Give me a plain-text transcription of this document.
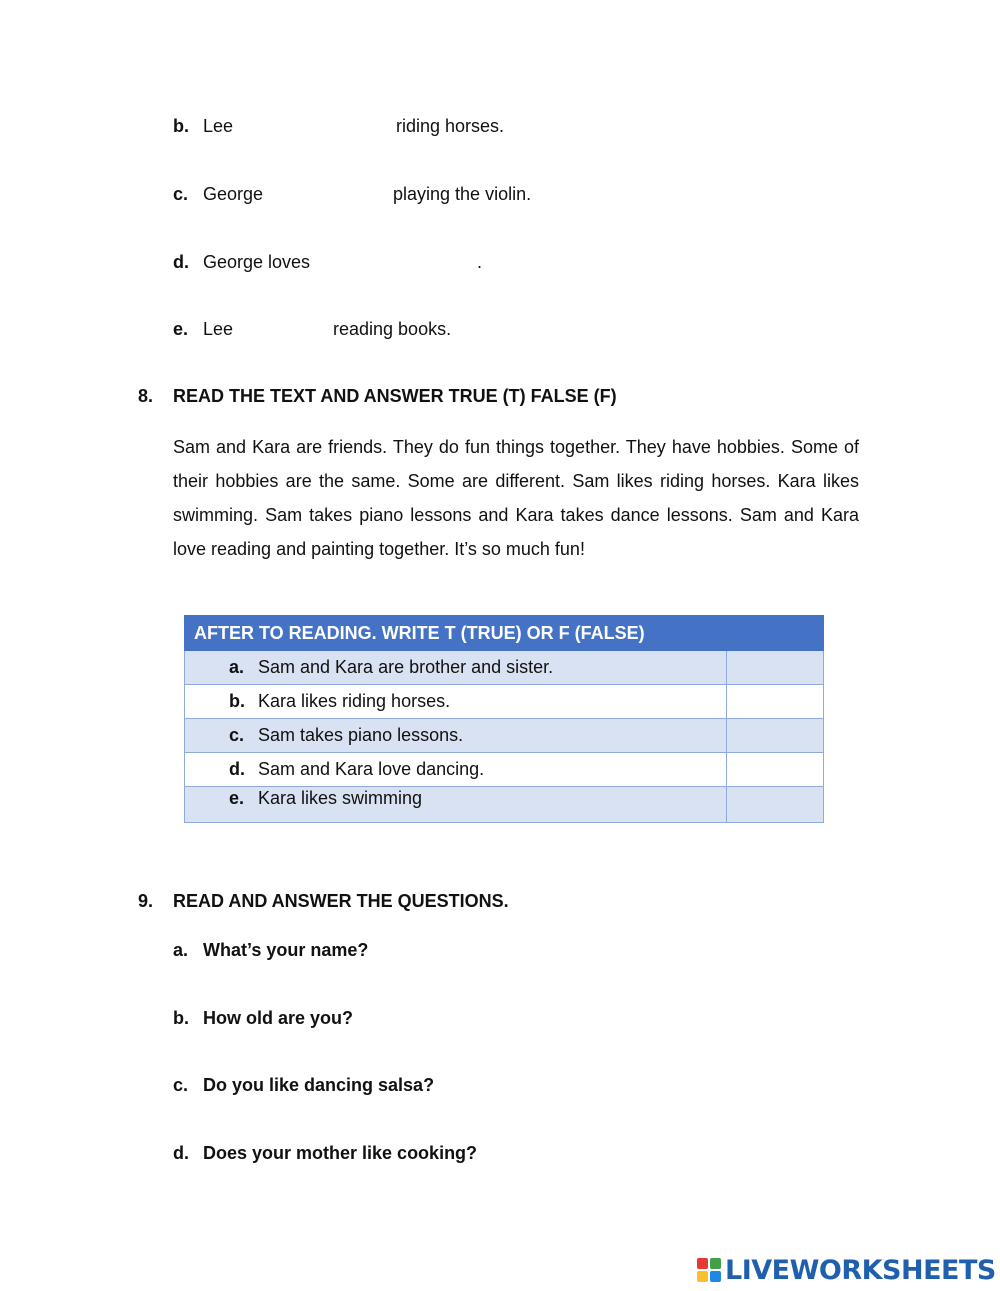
b. Lee	riding horses.
c. George	playing the violin.
d. George loves	.
e. Lee	reading books.
8. READ THE TEXT AND ANSWER TRUE (T) FALSE (F)
Sam and Kara are friends. They do fun things together. They have hobbies. Some of their hobbies are the same. Some are different. Sam likes riding horses. Kara likes swimming. Sam takes piano lessons and Kara takes dance lessons. Sam and Kara love reading and painting together. It’s so much fun!
AFTER TO READING. WRITE T (TRUE) OR F (FALSE)	
a. Sam and Kara are brother and sister.	
b. Kara likes riding horses.	
c. Sam takes piano lessons.	
d. Sam and Kara love dancing.	
e. Kara likes swimming	
9. READ AND ANSWER THE QUESTIONS.
a. What’s your name?
b. How old are you?
c. Do you like dancing salsa?
d. Does your mother like cooking?
LIVEWORKSHEETS
